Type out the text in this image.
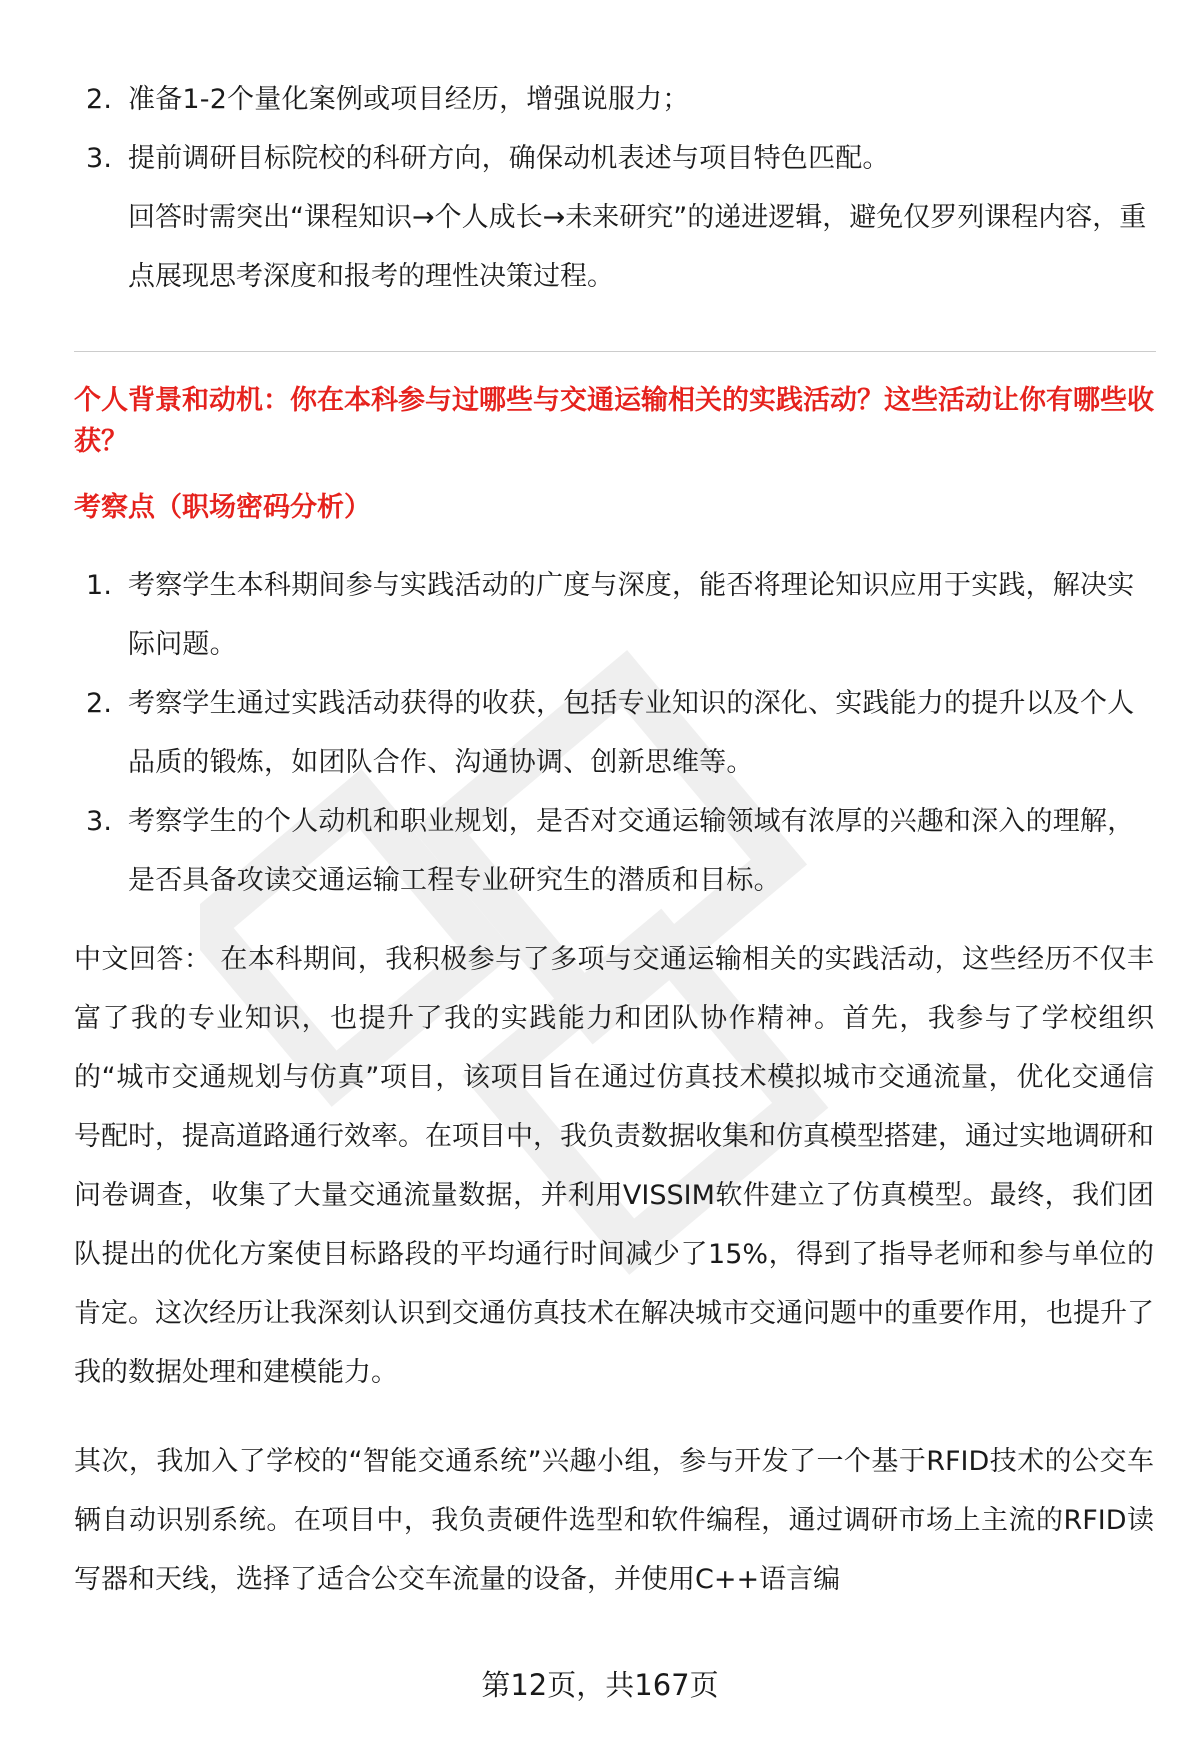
2. 准备1-2个量化案例或项目经历，增强说服力；
3. 提前调研目标院校的科研方向，确保动机表述与项目特色匹配。
回答时需突出“课程知识→个人成长→未来研究”的递进逻辑，避免仅罗列课程内容，重点展现思考深度和报考的理性决策过程。

个人背景和动机：你在本科参与过哪些与交通运输相关的实践活动？这些活动让你有哪些收获？

考察点（职场密码分析）

1. 考察学生本科期间参与实践活动的广度与深度，能否将理论知识应用于实践，解决实际问题。
2. 考察学生通过实践活动获得的收获，包括专业知识的深化、实践能力的提升以及个人品质的锻炼，如团队合作、沟通协调、创新思维等。
3. 考察学生的个人动机和职业规划，是否对交通运输领域有浓厚的兴趣和深入的理解，是否具备攻读交通运输工程专业研究生的潜质和目标。

中文回答： 在本科期间，我积极参与了多项与交通运输相关的实践活动，这些经历不仅丰富了我的专业知识，也提升了我的实践能力和团队协作精神。首先，我参与了学校组织的“城市交通规划与仿真”项目，该项目旨在通过仿真技术模拟城市交通流量，优化交通信号配时，提高道路通行效率。在项目中，我负责数据收集和仿真模型搭建，通过实地调研和问卷调查，收集了大量交通流量数据，并利用VISSIM软件建立了仿真模型。最终，我们团队提出的优化方案使目标路段的平均通行时间减少了15%，得到了指导老师和参与单位的肯定。这次经历让我深刻认识到交通仿真技术在解决城市交通问题中的重要作用，也提升了我的数据处理和建模能力。

其次，我加入了学校的“智能交通系统”兴趣小组，参与开发了一个基于RFID技术的公交车辆自动识别系统。在项目中，我负责硬件选型和软件编程，通过调研市场上主流的RFID读写器和天线，选择了适合公交车流量的设备，并使用C++语言编

第12页，共167页
